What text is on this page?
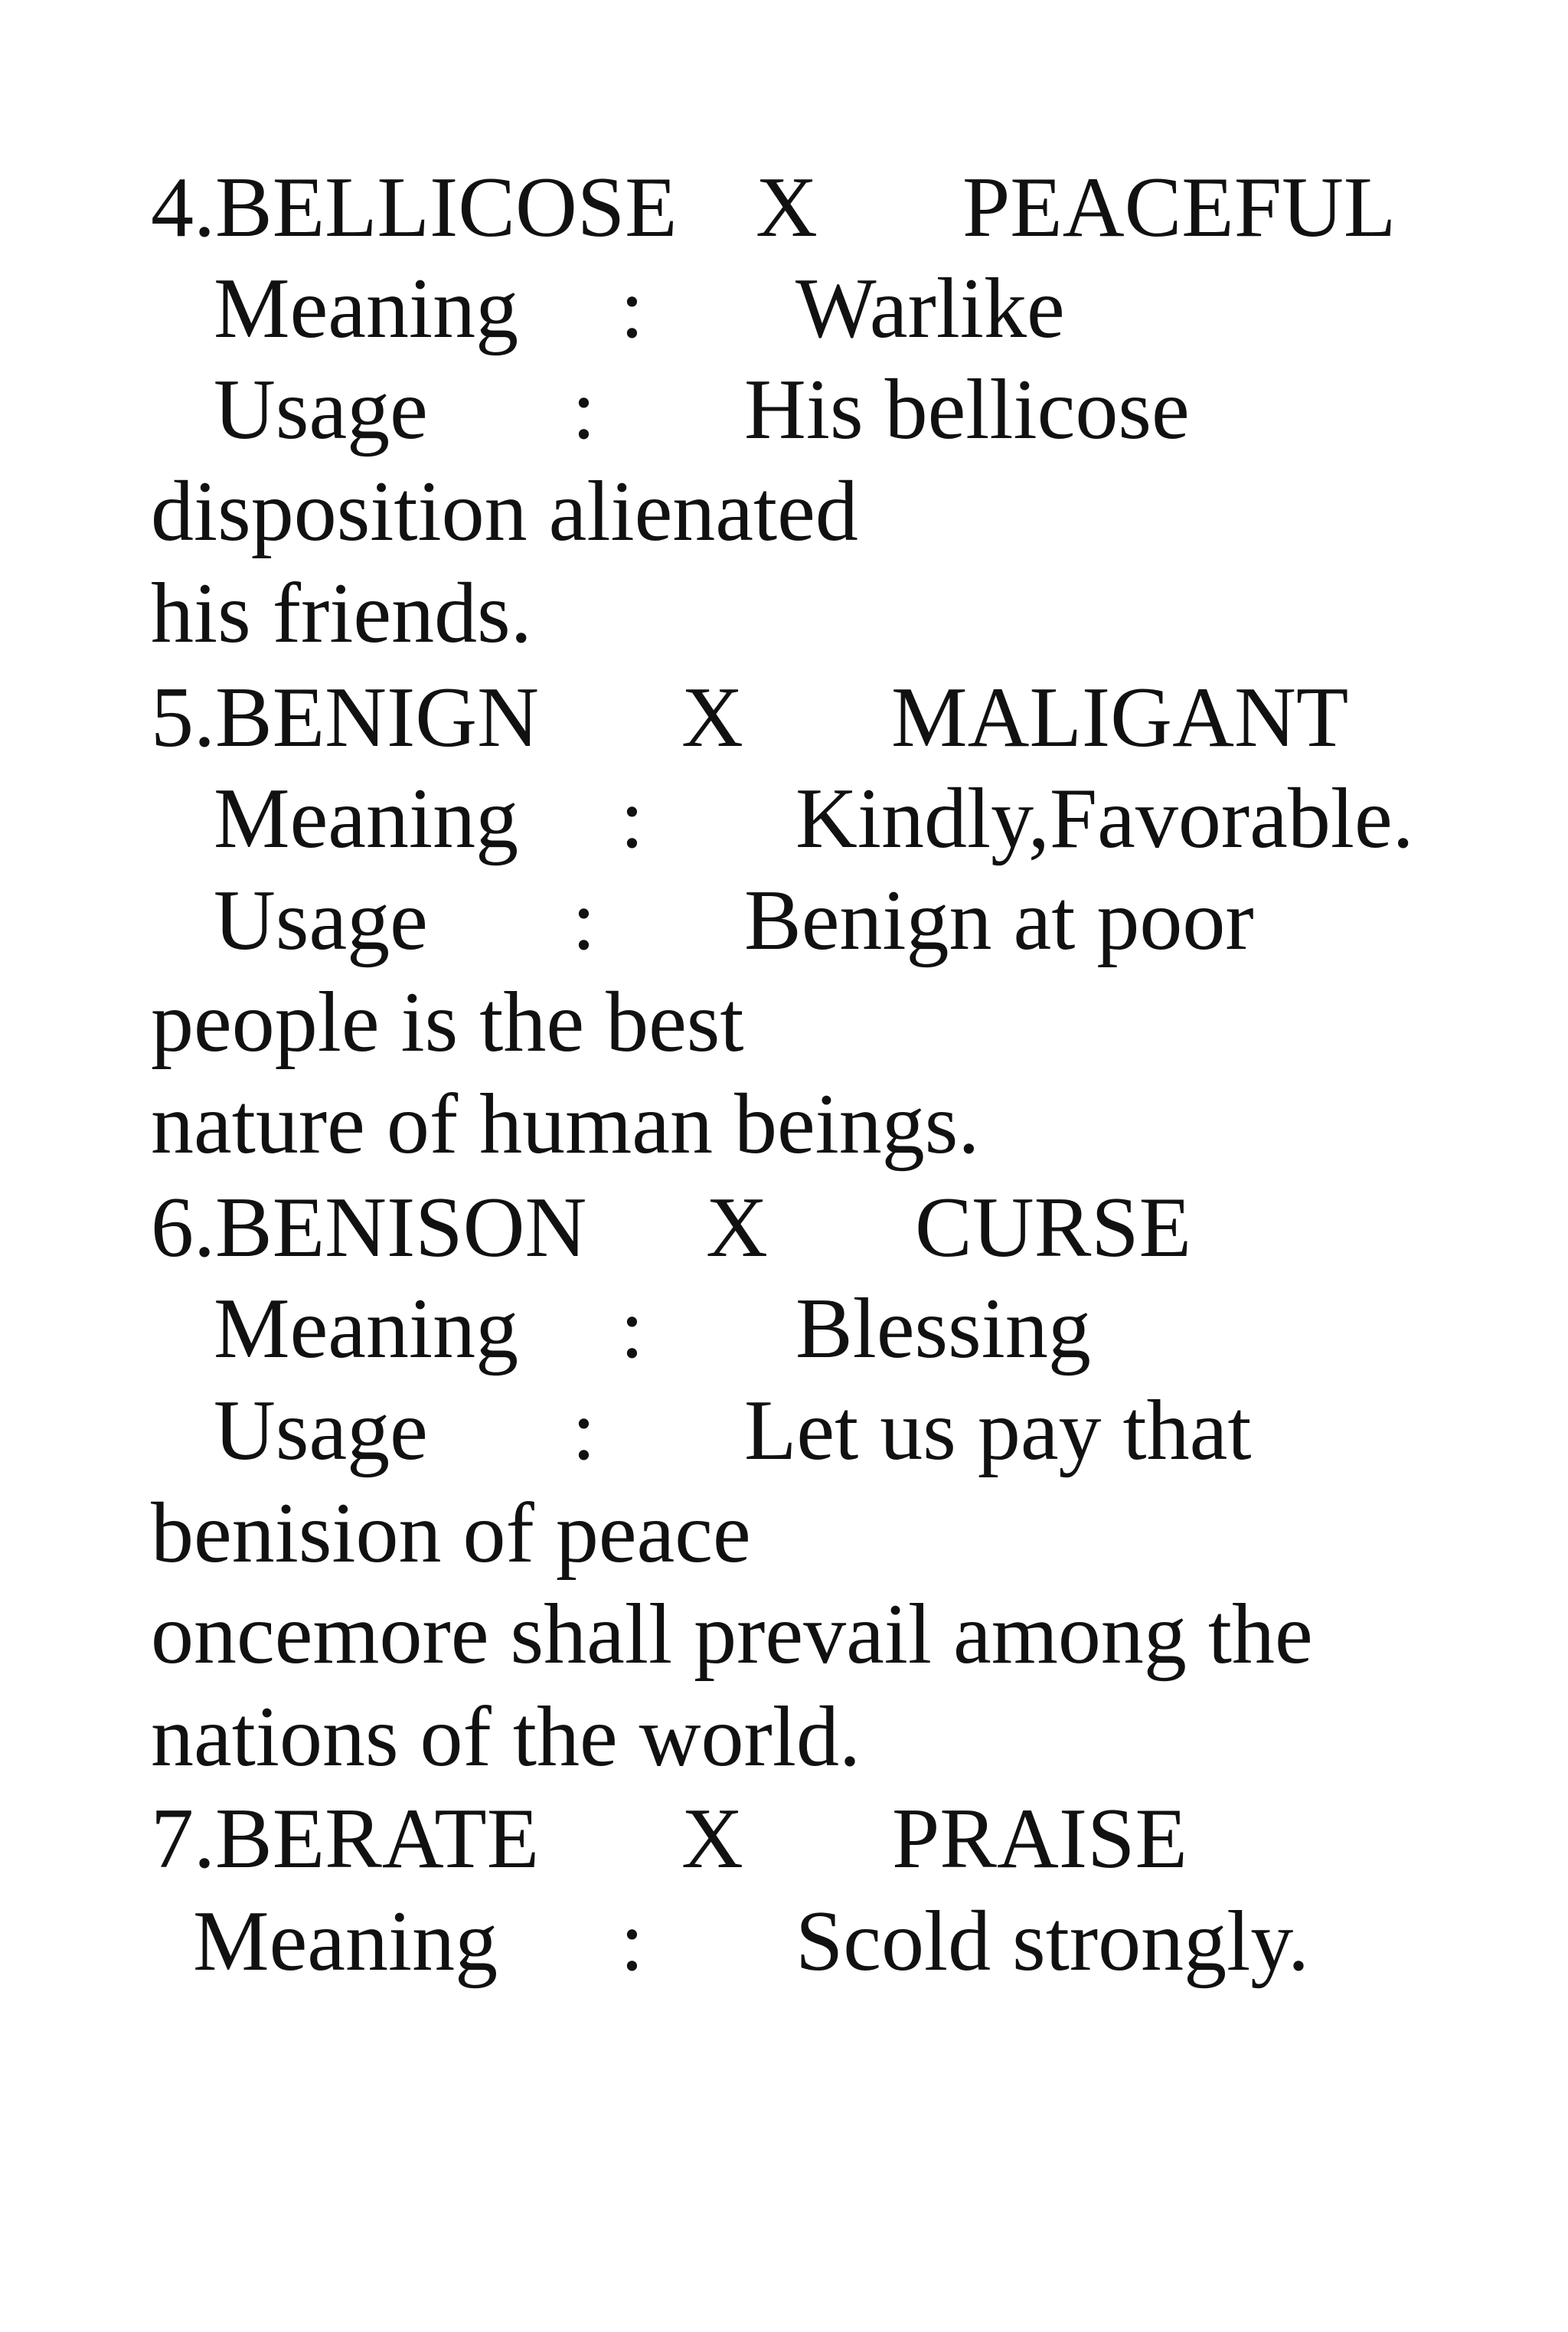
4.BELLICOSE

X

PEACEFUL

Meaning

:

Warlike

Usage

:

His bellicose

disposition alienated
his friends.

5.BENIGN

X

MALIGANT

Meaning

:

Kindly,Favorable.

Usage

:

Benign at poor

people is the best
nature of human beings.

6.BENISON

X

CURSE

Meaning

:

Blessing

Usage

:

Let us pay that

benision of peace
oncemore shall prevail among the
nations of the world.

7.BERATE

X

PRAISE

Meaning

:

Scold strongly.
